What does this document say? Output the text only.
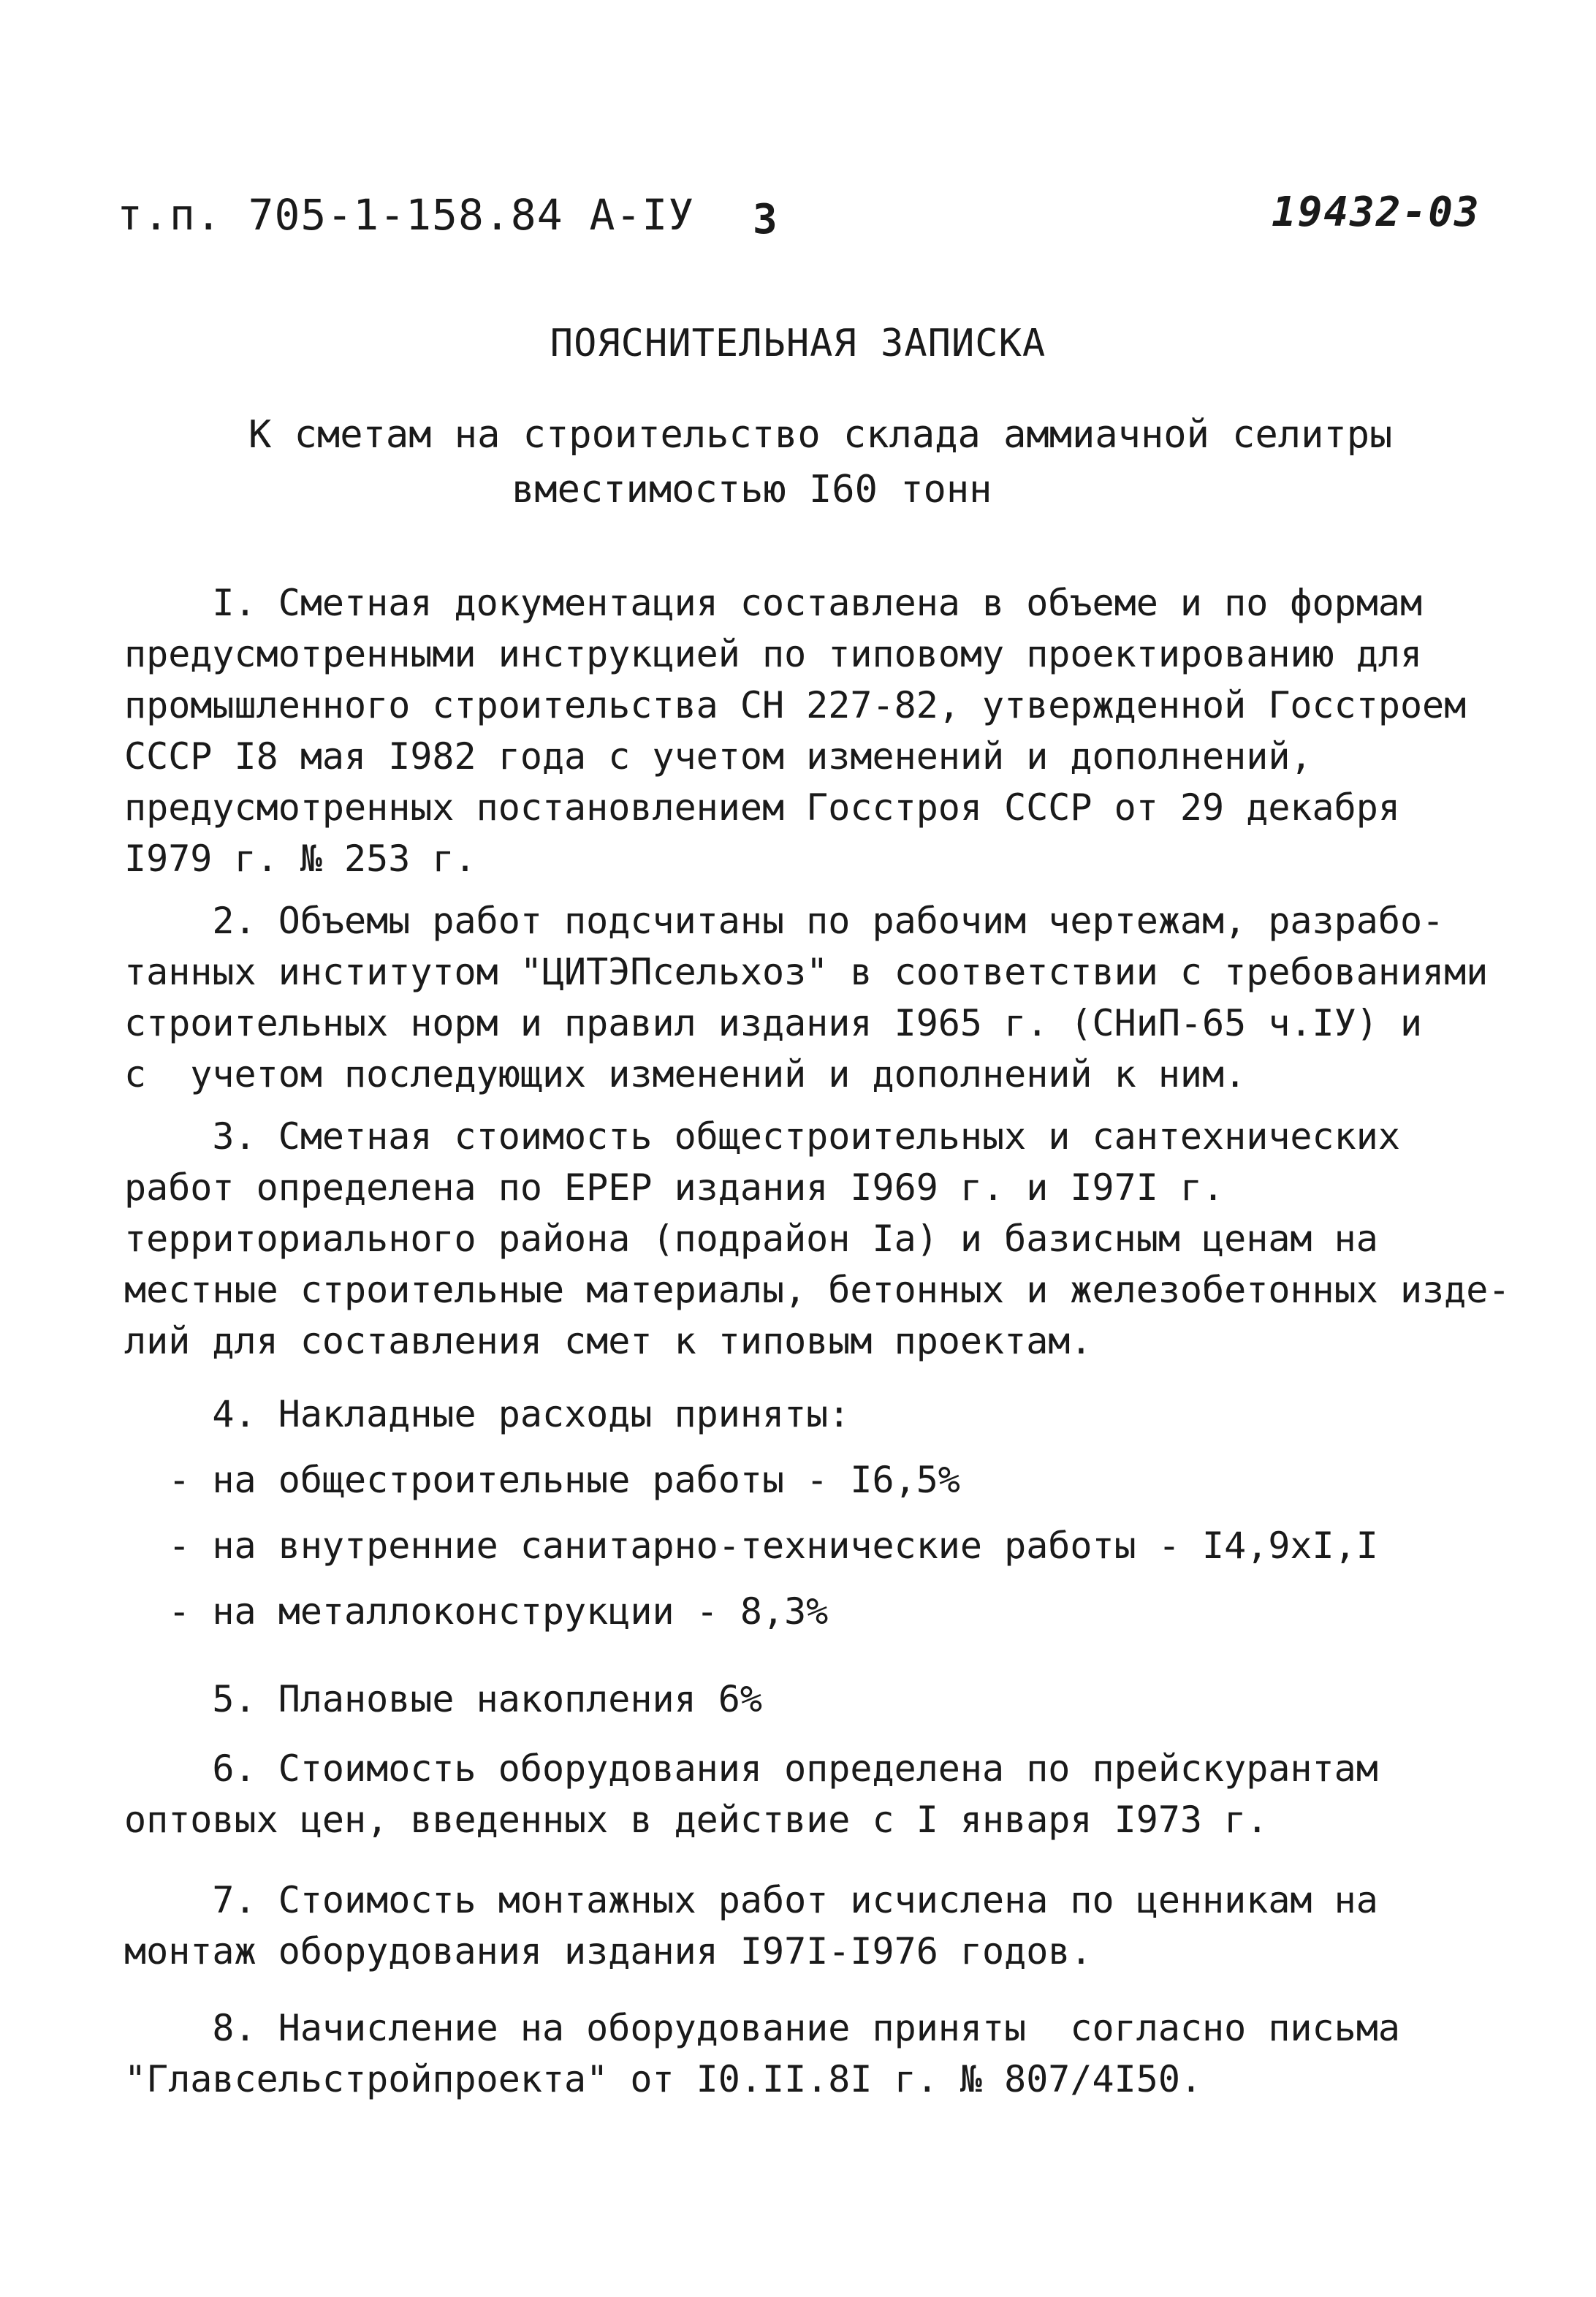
т.п. 705-1-158.84 А-IУ 3	19432-03
ПОЯСНИТЕЛЬНАЯ ЗАПИСКА
К сметам на строительство склада аммиачной селитры
вместимостью I60 тонн

I. Сметная документация составлена в объеме и по формам

предусмотренными инструкцией по типовому проектированию для

промышленного строительства СН 227-82, утвержденной Госстроем

СССР I8 мая I982 года с учетом изменений и дополнений,

предусмотренных постановлением Госстроя СССР от 29 декабря

I979 г. № 253 г.

2. Объемы работ подсчитаны по рабочим чертежам, разрабо-

танных институтом "ЦИТЭПсельхоз" в соответствии с требованиями

строительных норм и правил издания I965 г. (СНиП-65 ч.IУ) и

с  учетом последующих изменений и дополнений к ним.

3. Сметная стоимость общестроительных и сантехнических

работ определена по ЕРЕР издания I969 г. и I97I г.

территориального района (подрайон Iа) и базисным ценам на

местные строительные материалы, бетонных и железобетонных изде-

лий для составления смет к типовым проектам.

4. Накладные расходы приняты:
- на общестроительные работы - I6,5%
- на внутренние санитарно-технические работы - I4,9хI,I
- на металлоконструкции - 8,3%
5. Плановые накопления 6%

6. Стоимость оборудования определена по прейскурантам

оптовых цен, введенных в действие с I января I973 г.

7. Стоимость монтажных работ исчислена по ценникам на

монтаж оборудования издания I97I-I976 годов.

8. Начисление на оборудование приняты  согласно письма

"Главсельстройпроекта" от I0.II.8I г. № 807/4I50.
